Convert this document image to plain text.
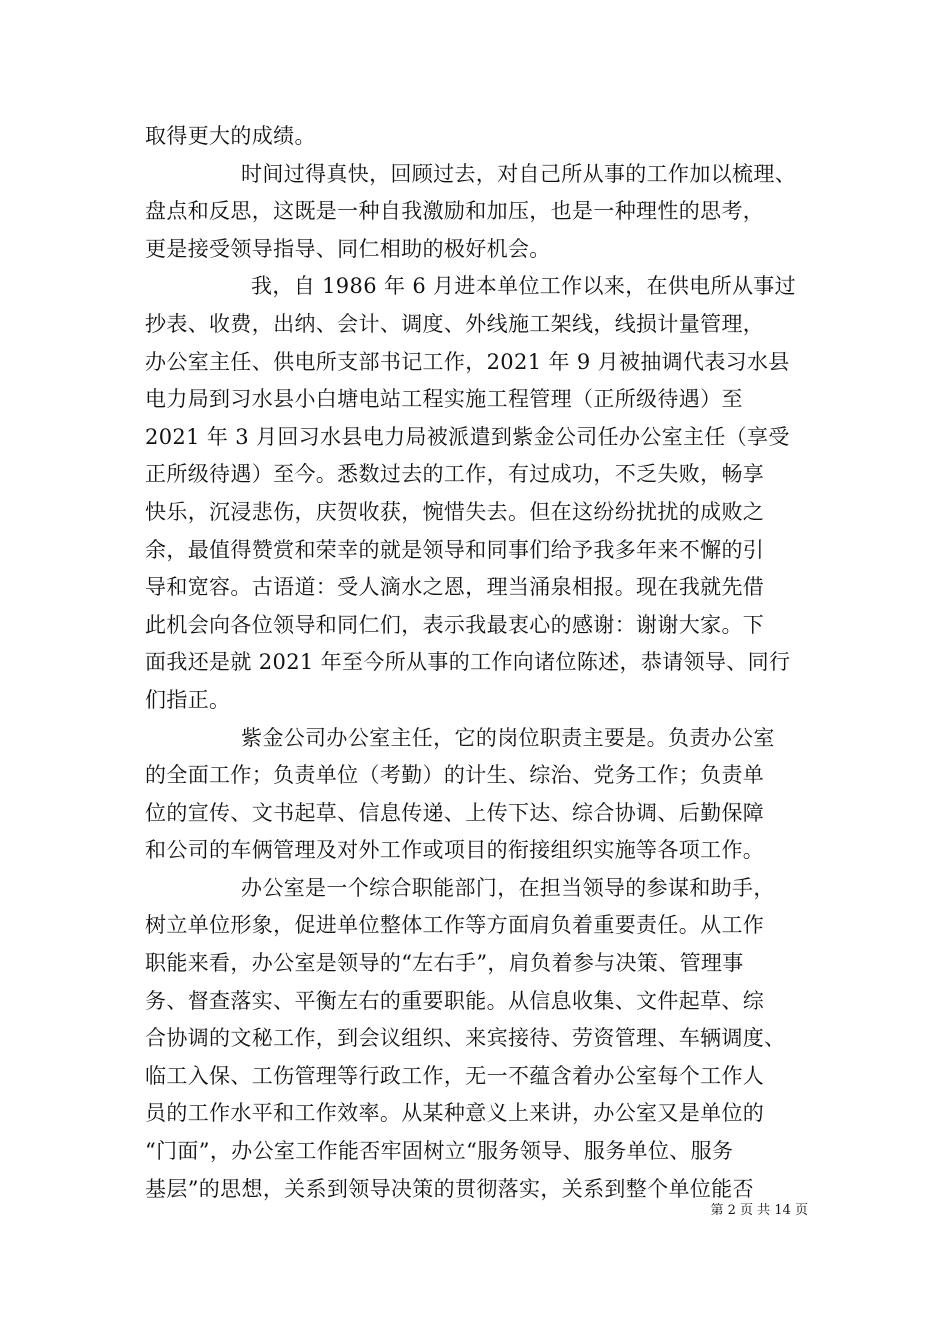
取得更大的成绩。
时间过得真快，回顾过去，对自己所从事的工作加以梳理、
盘点和反思，这既是一种自我激励和加压，也是一种理性的思考，
更是接受领导指导、同仁相助的极好机会。
我，自 1986 年 6 月进本单位工作以来，在供电所从事过
抄表、收费，出纳、会计、调度、外线施工架线，线损计量管理，
办公室主任、供电所支部书记工作，2021 年 9 月被抽调代表习水县
电力局到习水县小白塘电站工程实施工程管理（正所级待遇）至
2021 年 3 月回习水县电力局被派遣到紫金公司任办公室主任（享受
正所级待遇）至今。悉数过去的工作，有过成功，不乏失败，畅享
快乐，沉浸悲伤，庆贺收获，惋惜失去。但在这纷纷扰扰的成败之
余，最值得赞赏和荣幸的就是领导和同事们给予我多年来不懈的引
导和宽容。古语道：受人滴水之恩，理当涌泉相报。现在我就先借
此机会向各位领导和同仁们，表示我最衷心的感谢：谢谢大家。下
面我还是就 2021 年至今所从事的工作向诸位陈述，恭请领导、同行
们指正。
紫金公司办公室主任，它的岗位职责主要是。负责办公室
的全面工作；负责单位（考勤）的计生、综治、党务工作；负责单
位的宣传、文书起草、信息传递、上传下达、综合协调、后勤保障
和公司的车俩管理及对外工作或项目的衔接组织实施等各项工作。
办公室是一个综合职能部门，在担当领导的参谋和助手，
树立单位形象，促进单位整体工作等方面肩负着重要责任。从工作
职能来看，办公室是领导的“左右手”，肩负着参与决策、管理事
务、督查落实、平衡左右的重要职能。从信息收集、文件起草、综
合协调的文秘工作，到会议组织、来宾接待、劳资管理、车辆调度、
临工入保、工伤管理等行政工作，无一不蕴含着办公室每个工作人
员的工作水平和工作效率。从某种意义上来讲，办公室又是单位的
“门面”，办公室工作能否牢固树立“服务领导、服务单位、服务
基层”的思想，关系到领导决策的贯彻落实，关系到整个单位能否
第 2 页 共 14 页
